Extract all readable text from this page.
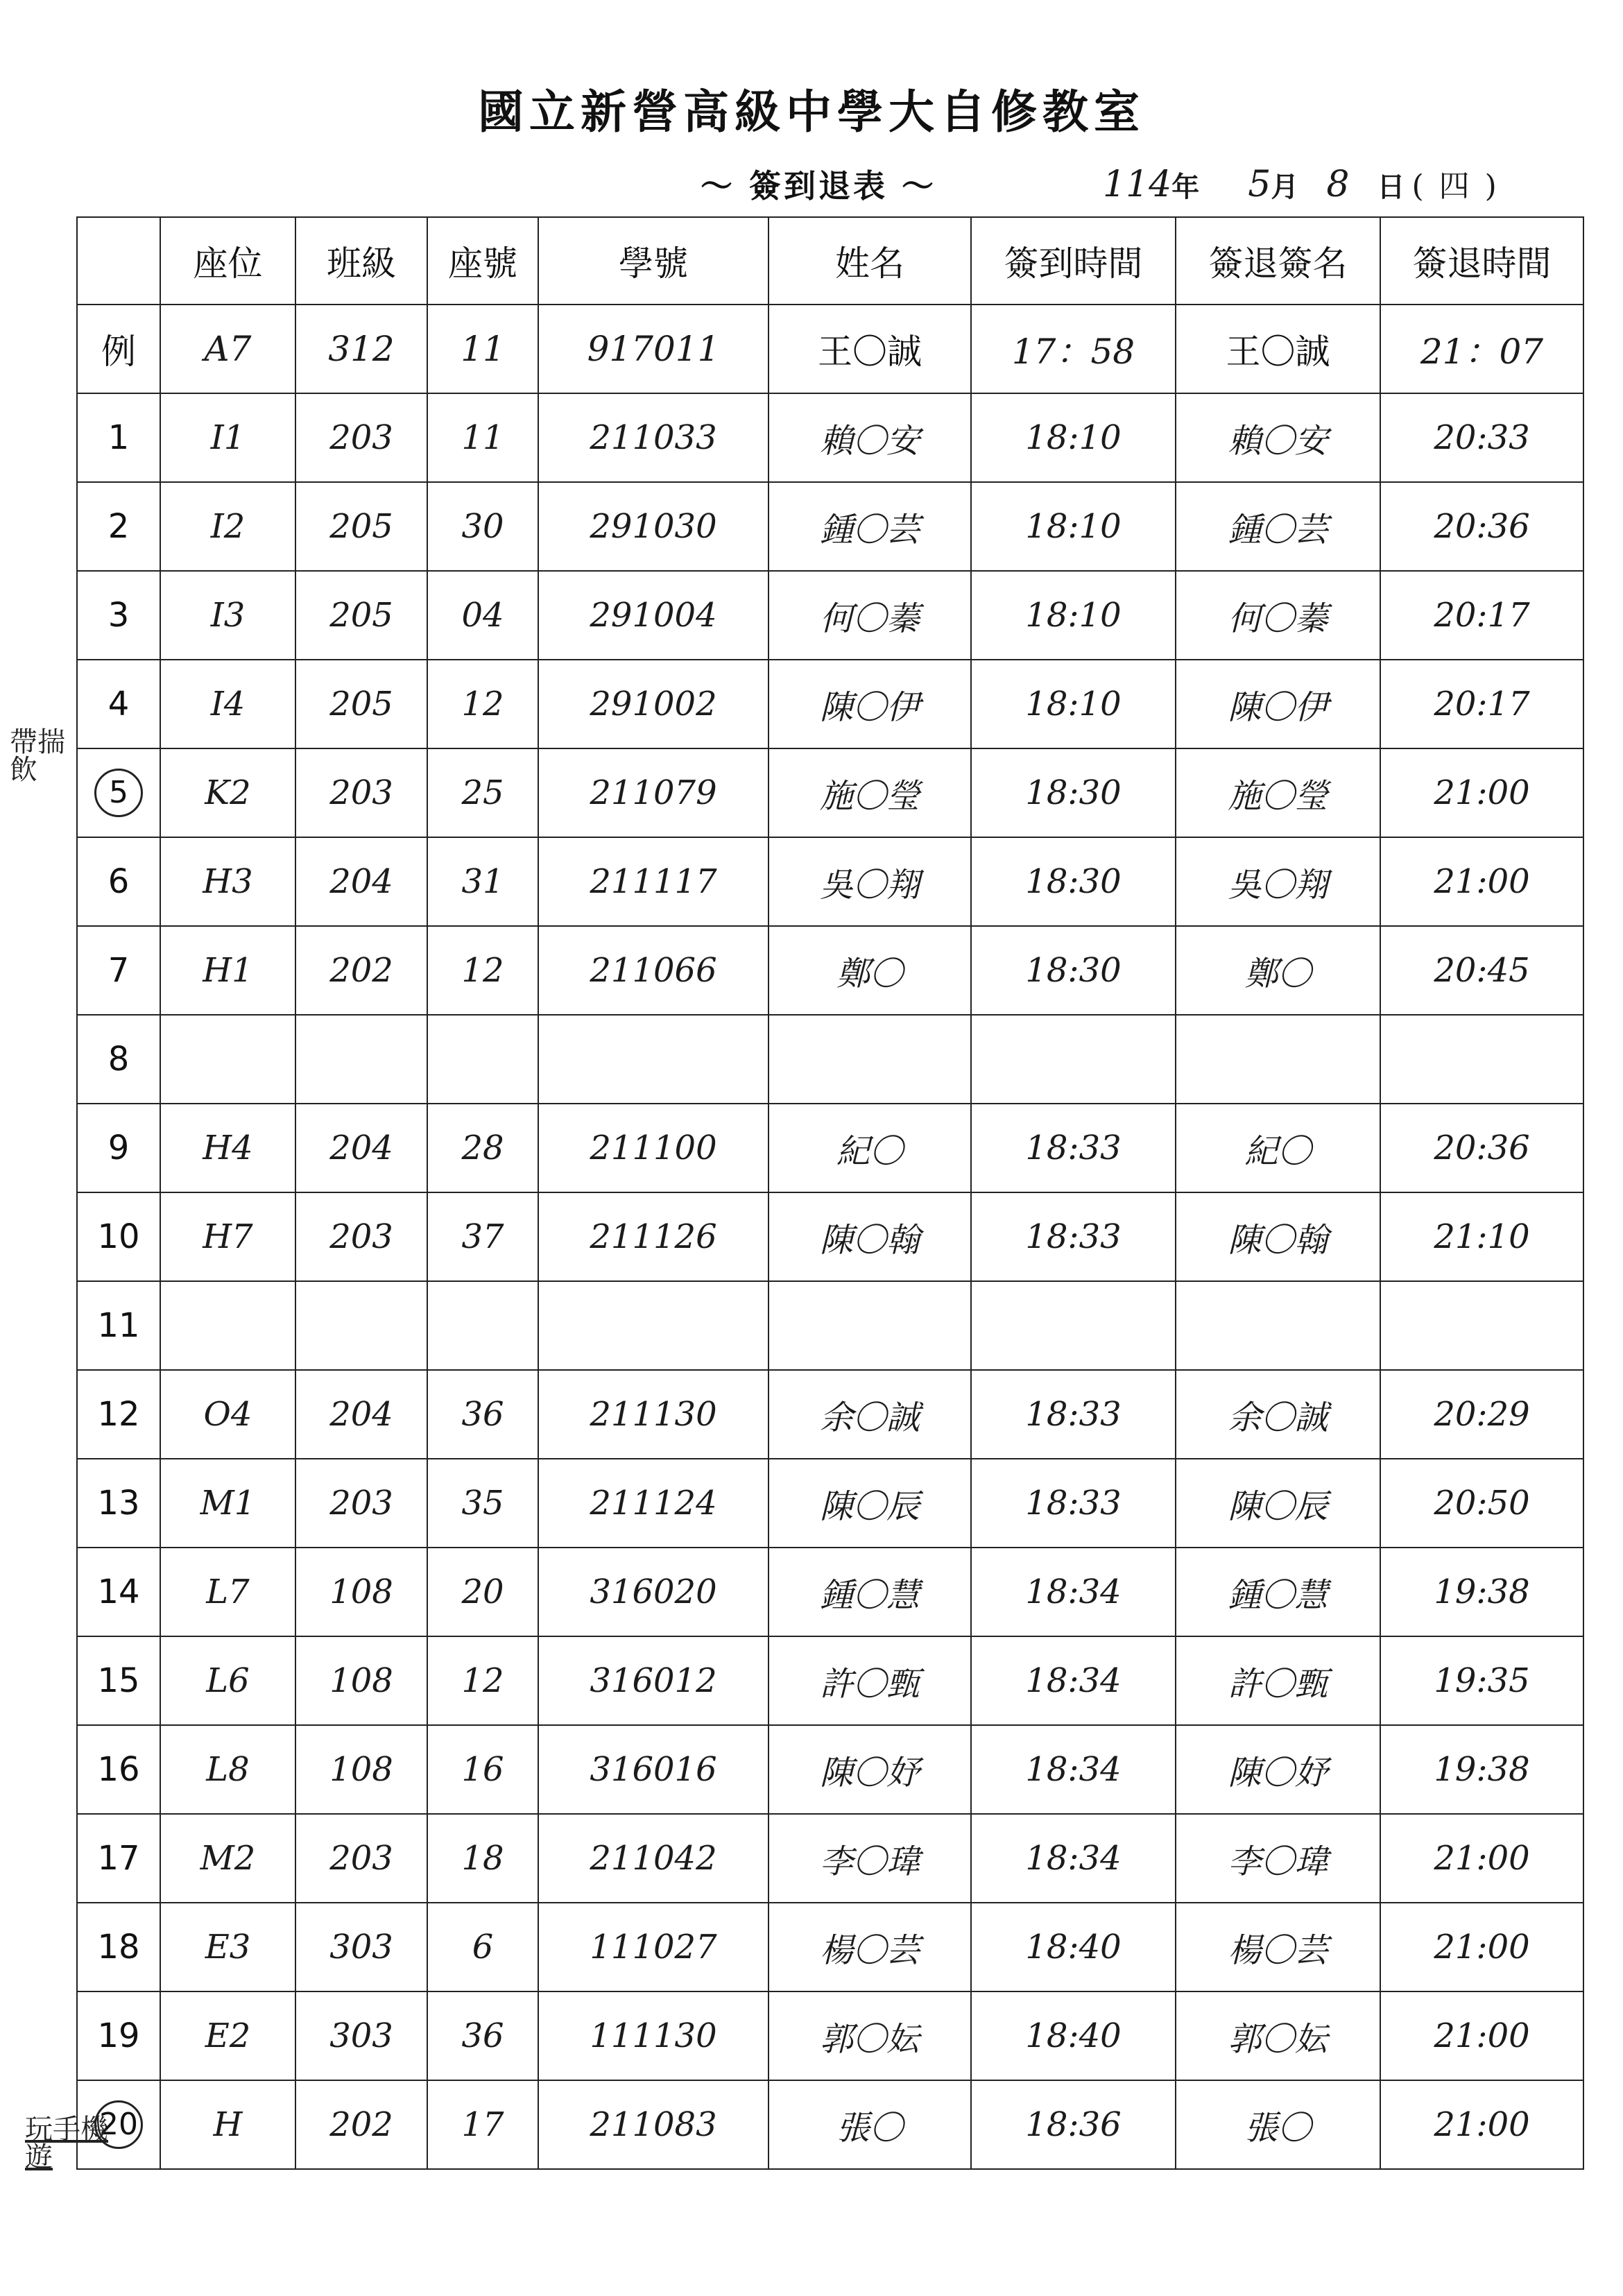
國立新營高級中學大自修教室
〜 簽到退表 〜	114年 5月 8 日 (四)
	座位	班級	座號	學號	姓名	簽到時間	簽退簽名	簽退時間
例	A7	312	11	917011	王〇誠	17：58	王〇誠	21：07
1	I1	203	11	211033	賴〇安	18:10	賴〇安	20:33
2	I2	205	30	291030	鍾〇芸	18:10	鍾〇芸	20:36
3	I3	205	04	291004	何〇蓁	18:10	何〇蓁	20:17
4	I4	205	12	291002	陳〇伊	18:10	陳〇伊	20:17
5	K2	203	25	211079	施〇瑩	18:30	施〇瑩	21:00
6	H3	204	31	211117	吳〇翔	18:30	吳〇翔	21:00
7	H1	202	12	211066	鄭〇	18:30	鄭〇	20:45
8								
9	H4	204	28	211100	紀〇	18:33	紀〇	20:36
10	H7	203	37	211126	陳〇翰	18:33	陳〇翰	21:10
11								
12	O4	204	36	211130	余〇誠	18:33	余〇誠	20:29
13	M1	203	35	211124	陳〇辰	18:33	陳〇辰	20:50
14	L7	108	20	316020	鍾〇慧	18:34	鍾〇慧	19:38
15	L6	108	12	316012	許〇甄	18:34	許〇甄	19:35
16	L8	108	16	316016	陳〇妤	18:34	陳〇妤	19:38
17	M2	203	18	211042	李〇瑋	18:34	李〇瑋	21:00
18	E3	303	6	111027	楊〇芸	18:40	楊〇芸	21:00
19	E2	303	36	111130	郭〇妘	18:40	郭〇妘	21:00
20	H	202	17	211083	張〇	18:36	張〇	21:00
帶揣飲
玩手機遊
